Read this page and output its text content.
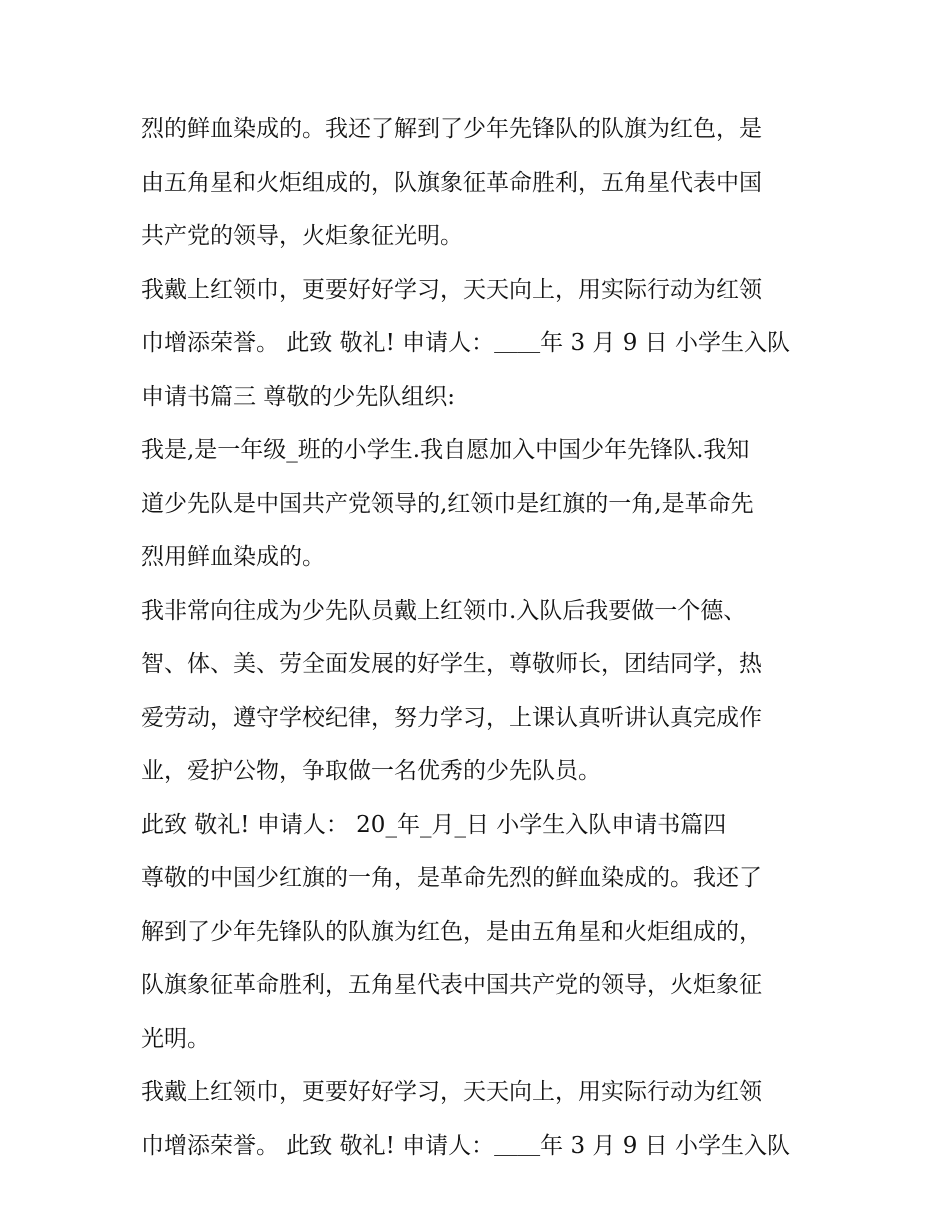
烈的鲜血染成的。我还了解到了少年先锋队的队旗为红色，是
由五角星和火炬组成的，队旗象征革命胜利，五角星代表中国
共产党的领导，火炬象征光明。
我戴上红领巾，更要好好学习，天天向上，用实际行动为红领
巾增添荣誉。 此致 敬礼! 申请人：＿＿年 3 月 9 日 小学生入队
申请书篇三 尊敬的少先队组织:
我是,是一年级_班的小学生.我自愿加入中国少年先锋队.我知
道少先队是中国共产党领导的,红领巾是红旗的一角,是革命先
烈用鲜血染成的。
我非常向往成为少先队员戴上红领巾.入队后我要做一个德、
智、体、美、劳全面发展的好学生，尊敬师长，团结同学，热
爱劳动，遵守学校纪律，努力学习，上课认真听讲认真完成作
业，爱护公物，争取做一名优秀的少先队员。
此致 敬礼! 申请人： 20_年_月_日 小学生入队申请书篇四
尊敬的中国少红旗的一角，是革命先烈的鲜血染成的。我还了
解到了少年先锋队的队旗为红色，是由五角星和火炬组成的，
队旗象征革命胜利，五角星代表中国共产党的领导，火炬象征
光明。
我戴上红领巾，更要好好学习，天天向上，用实际行动为红领
巾增添荣誉。 此致 敬礼! 申请人：＿＿年 3 月 9 日 小学生入队
